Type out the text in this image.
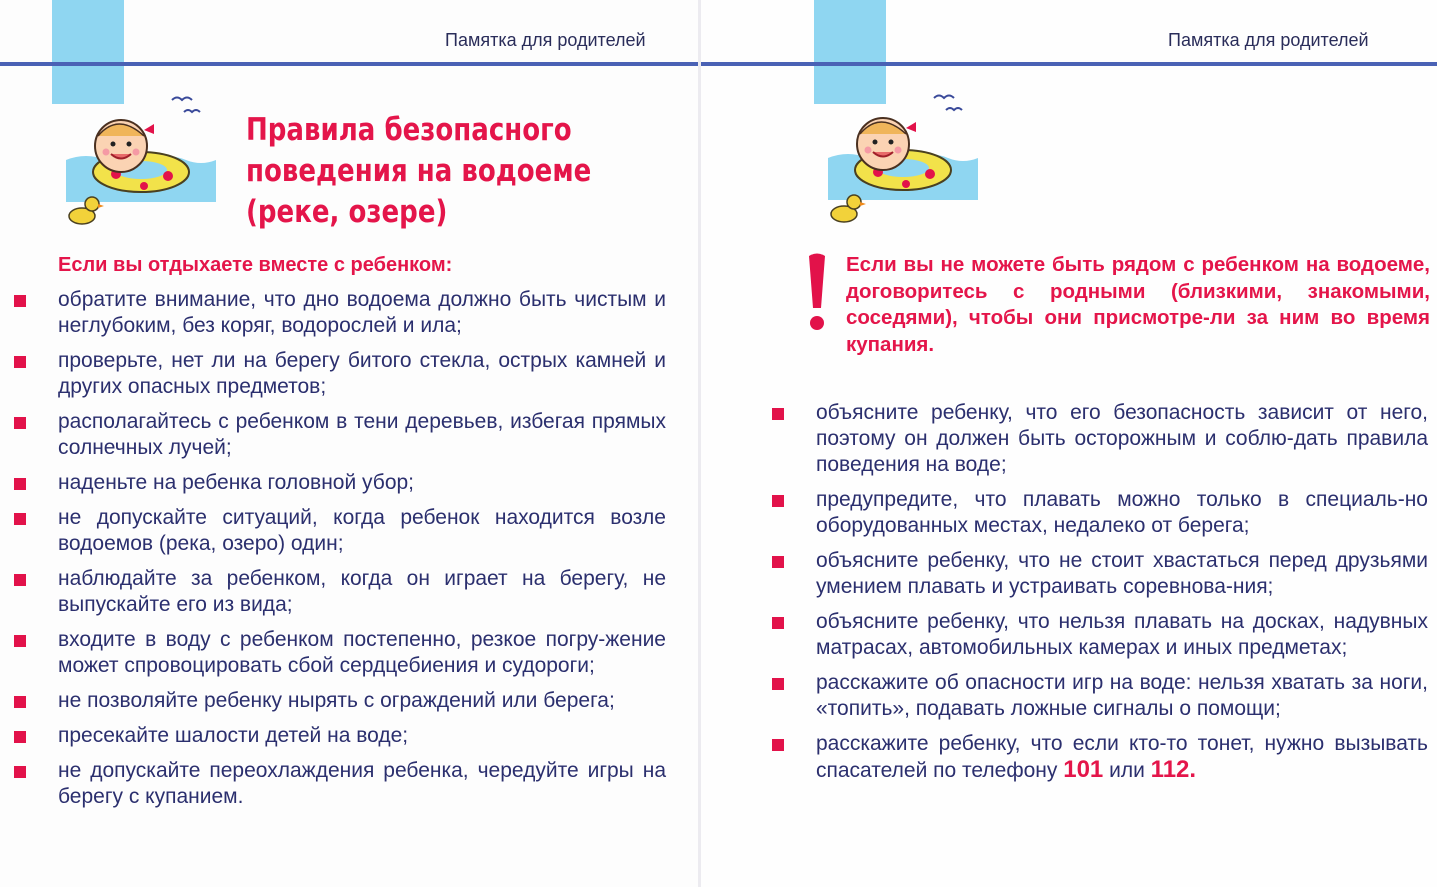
Памятка для родителей	Памятка для родителей
Правила безопасного
поведения на водоеме
(реке, озере)
Если вы отдыхаете вместе с ребенком:
обратите внимание, что дно водоема должно быть чистым и неглубоким, без коряг, водорослей и ила;
проверьте, нет ли на берегу битого стекла, острых камней и других опасных предметов;
располагайтесь с ребенком в тени деревьев, избегая прямых солнечных лучей;
наденьте на ребенка головной убор;
не допускайте ситуаций, когда ребенок находится возле водоемов (река, озеро) один;
наблюдайте за ребенком, когда он играет на берегу, не выпускайте его из вида;
входите в воду с ребенком постепенно, резкое погру-жение может спровоцировать сбой сердцебиения и судороги;
не позволяйте ребенку нырять с ограждений или берега;
пресекайте шалости детей на воде;
не допускайте переохлаждения ребенка, чередуйте игры на берегу с купанием.
Если вы не можете быть рядом с ребенком на водоеме, договоритесь с родными (близкими, знакомыми, соседями), чтобы они присмотре-ли за ним во время купания.
объясните ребенку, что его безопасность зависит от него, поэтому он должен быть осторожным и соблю-дать правила поведения на воде;
предупредите, что плавать можно только в специаль-но оборудованных местах, недалеко от берега;
объясните ребенку, что не стоит хвастаться перед друзьями умением плавать и устраивать соревнова-ния;
объясните ребенку, что нельзя плавать на досках, надувных матрасах, автомобильных камерах и иных предметах;
расскажите об опасности игр на воде: нельзя хватать за ноги, «топить», подавать ложные сигналы о помощи;
расскажите ребенку, что если кто-то тонет, нужно вызывать спасателей по телефону 101 или 112.
